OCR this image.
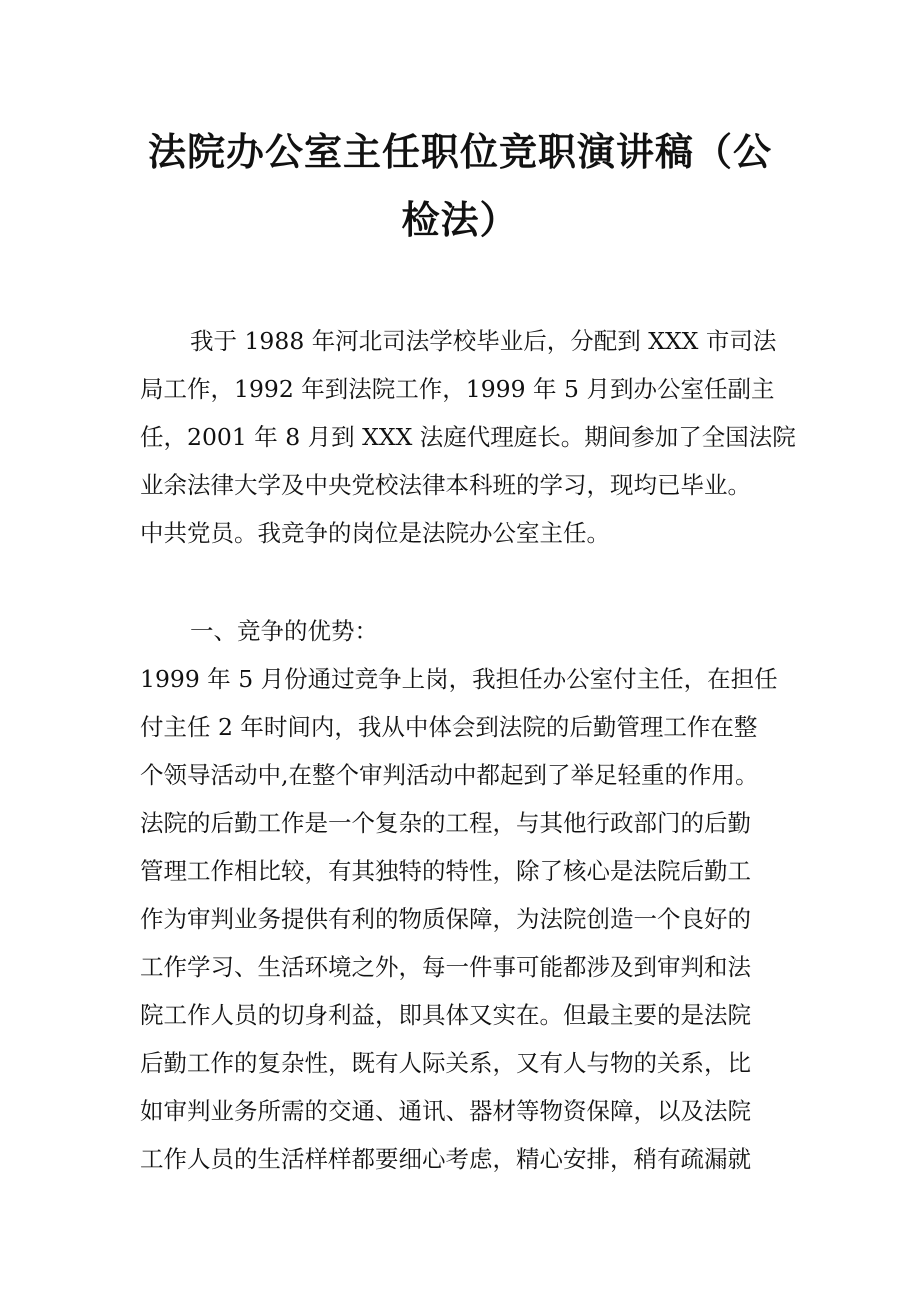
法院办公室主任职位竞职演讲稿（公
检法）
我于 1988 年河北司法学校毕业后，分配到 XXX 市司法
局工作，1992 年到法院工作，1999 年 5 月到办公室任副主
任，2001 年 8 月到 XXX 法庭代理庭长。期间参加了全国法院
业余法律大学及中央党校法律本科班的学习，现均已毕业。
中共党员。我竞争的岗位是法院办公室主任。
一、竞争的优势：
1999 年 5 月份通过竞争上岗，我担任办公室付主任，在担任
付主任 2 年时间内，我从中体会到法院的后勤管理工作在整
个领导活动中,在整个审判活动中都起到了举足轻重的作用。
法院的后勤工作是一个复杂的工程，与其他行政部门的后勤
管理工作相比较，有其独特的特性，除了核心是法院后勤工
作为审判业务提供有利的物质保障，为法院创造一个良好的
工作学习、生活环境之外，每一件事可能都涉及到审判和法
院工作人员的切身利益，即具体又实在。但最主要的是法院
后勤工作的复杂性，既有人际关系，又有人与物的关系，比
如审判业务所需的交通、通讯、器材等物资保障，以及法院
工作人员的生活样样都要细心考虑，精心安排，稍有疏漏就
